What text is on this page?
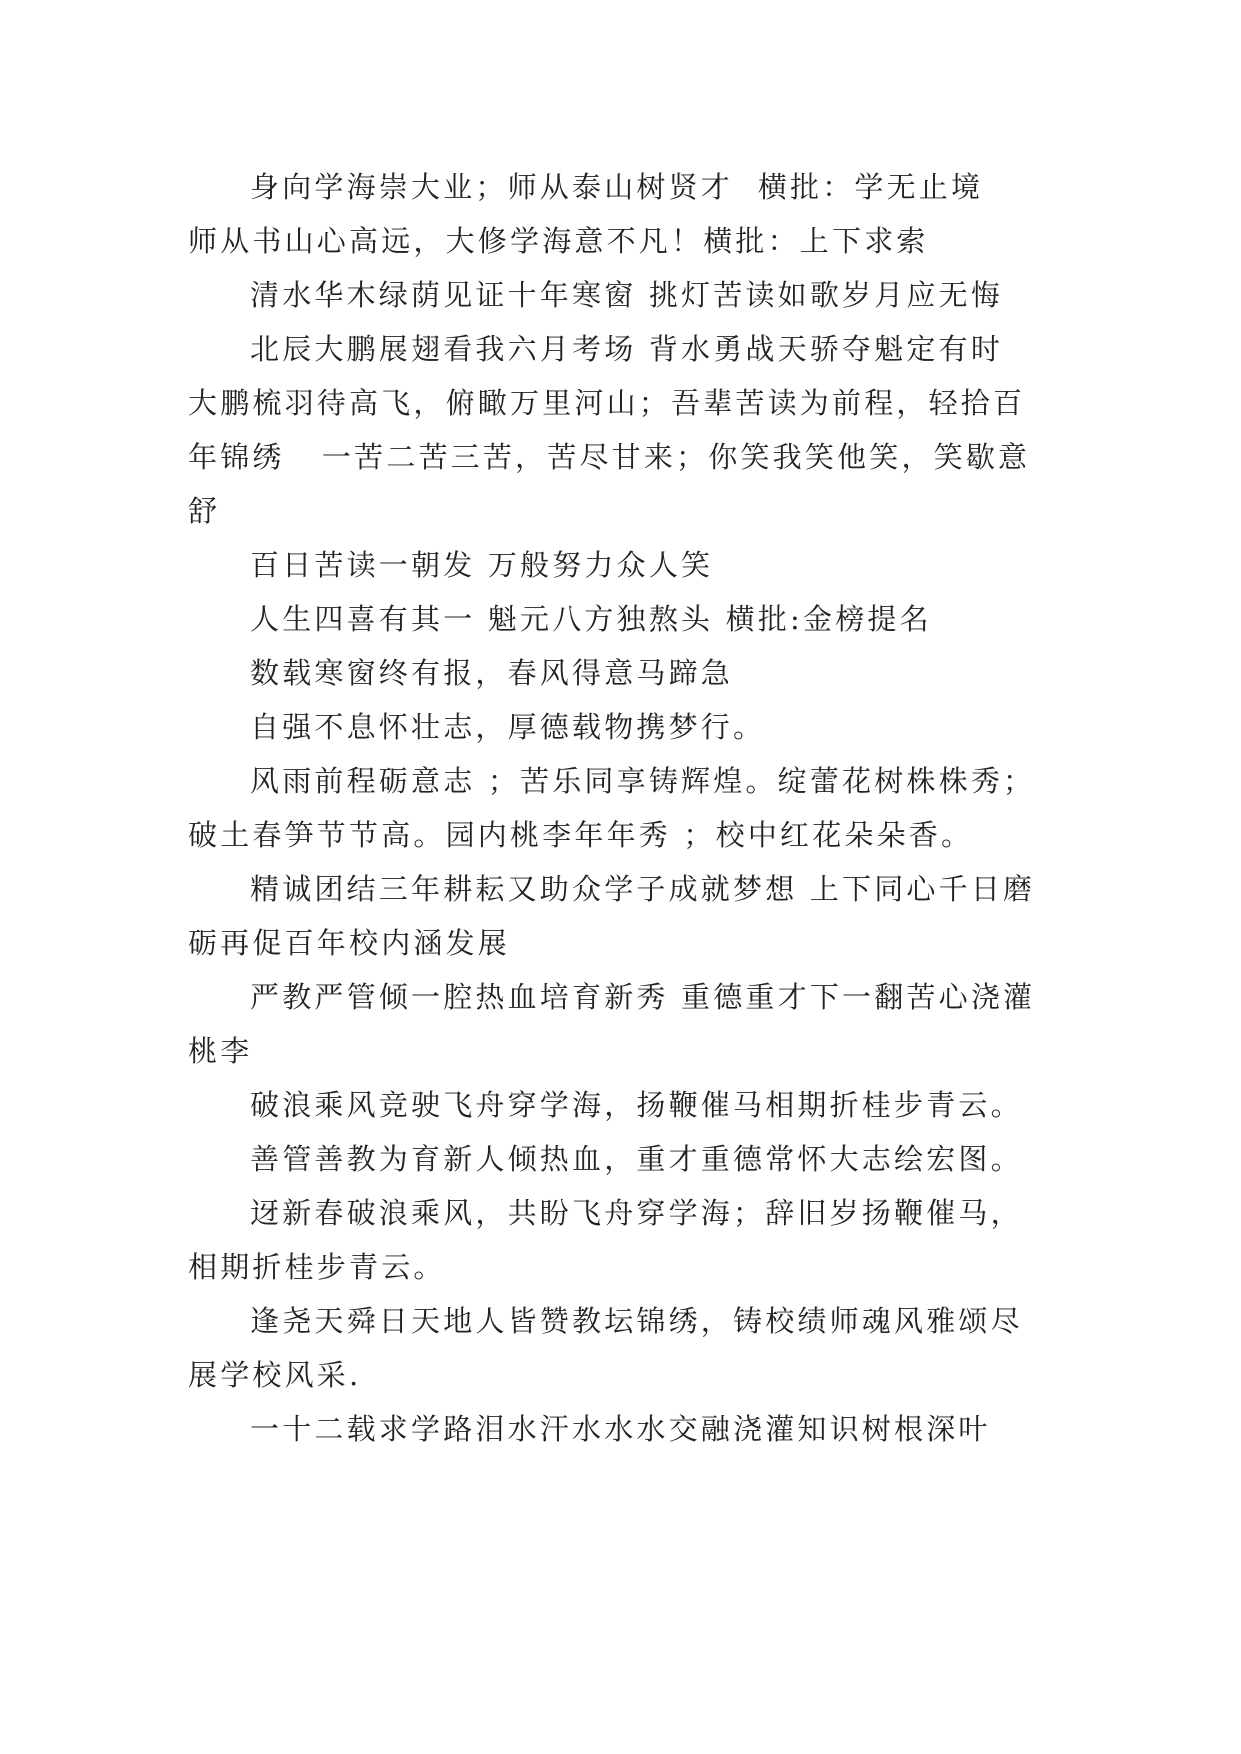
身向学海崇大业；师从泰山树贤才  横批：学无止境

师从书山心高远，大修学海意不凡！横批：上下求索

清水华木绿荫见证十年寒窗 挑灯苦读如歌岁月应无悔

北辰大鹏展翅看我六月考场 背水勇战天骄夺魁定有时

大鹏梳羽待高飞，俯瞰万里河山；吾辈苦读为前程，轻拾百年锦绣   一苦二苦三苦，苦尽甘来；你笑我笑他笑，笑歇意舒

百日苦读一朝发 万般努力众人笑

人生四喜有其一 魁元八方独熬头 横批:金榜提名

数载寒窗终有报，春风得意马蹄急

自强不息怀壮志，厚德载物携梦行。

风雨前程砺意志 ；苦乐同享铸辉煌。绽蕾花树株株秀；破土春笋节节高。园内桃李年年秀 ；校中红花朵朵香。

精诚团结三年耕耘又助众学子成就梦想 上下同心千日磨砺再促百年校内涵发展

严教严管倾一腔热血培育新秀 重德重才下一翻苦心浇灌桃李

破浪乘风竞驶飞舟穿学海，扬鞭催马相期折桂步青云。

善管善教为育新人倾热血，重才重德常怀大志绘宏图。

迓新春破浪乘风，共盼飞舟穿学海；辞旧岁扬鞭催马，相期折桂步青云。

逢尧天舜日天地人皆赞教坛锦绣，铸校绩师魂风雅颂尽展学校风采.

一十二载求学路泪水汗水水水交融浇灌知识树根深叶
